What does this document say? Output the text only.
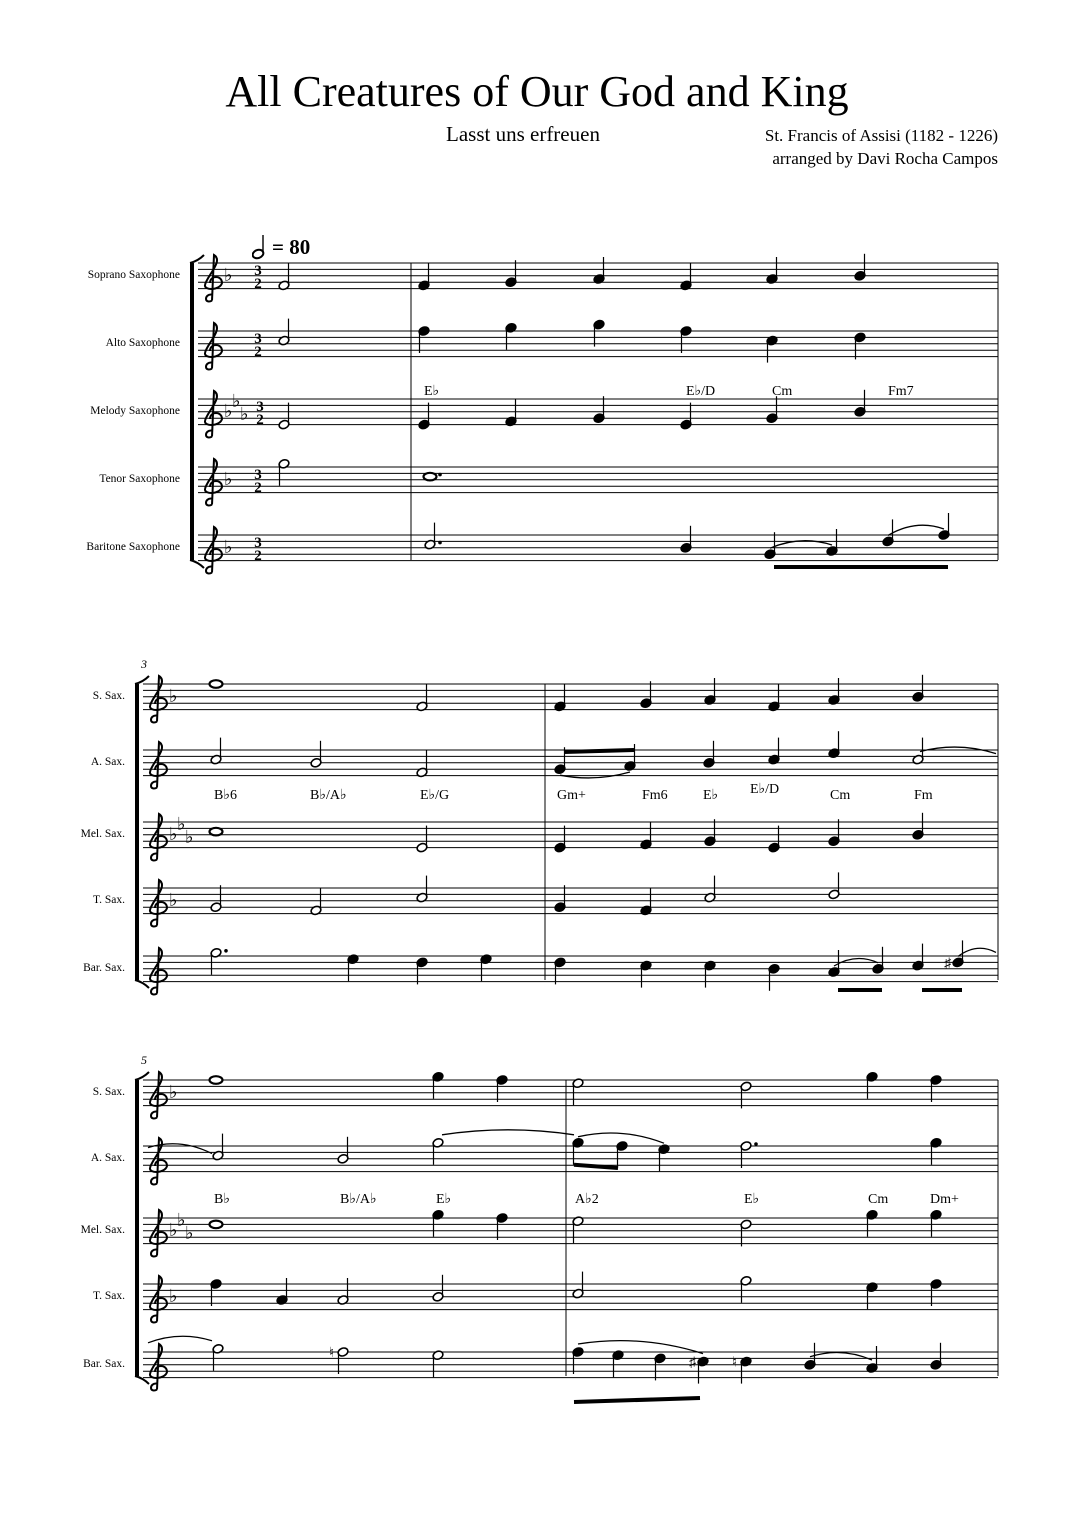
All Creatures of Our God and King
Lasst uns erfreuen	St. Francis of Assisi (1182 - 1226)
arranged by Davi Rocha Campos
= 80
♭ 3
2
Soprano Saxophone
3
2
Alto Saxophone
♭ ♭
♭ 3
2
Melody Saxophone
♭ 3
2
Tenor Saxophone
♭ 3
2
Baritone Saxophone
E♭	E♭/D	Cm	Fm7
♭
S. Sax.
A. Sax.
♭ ♭
♭
Mel. Sax.
♭
T. Sax.
Bar. Sax.
3
♯
B♭6	B♭/A♭	E♭/G	Gm+	Fm6	E♭ E♭/D	Cm	Fm
♭
S. Sax.
A. Sax.
♭ ♭
♭
Mel. Sax.
♭
T. Sax.
Bar. Sax.
5
♮
♯	♮
B♭	B♭/A♭	E♭	A♭2	E♭	Cm	Dm+
